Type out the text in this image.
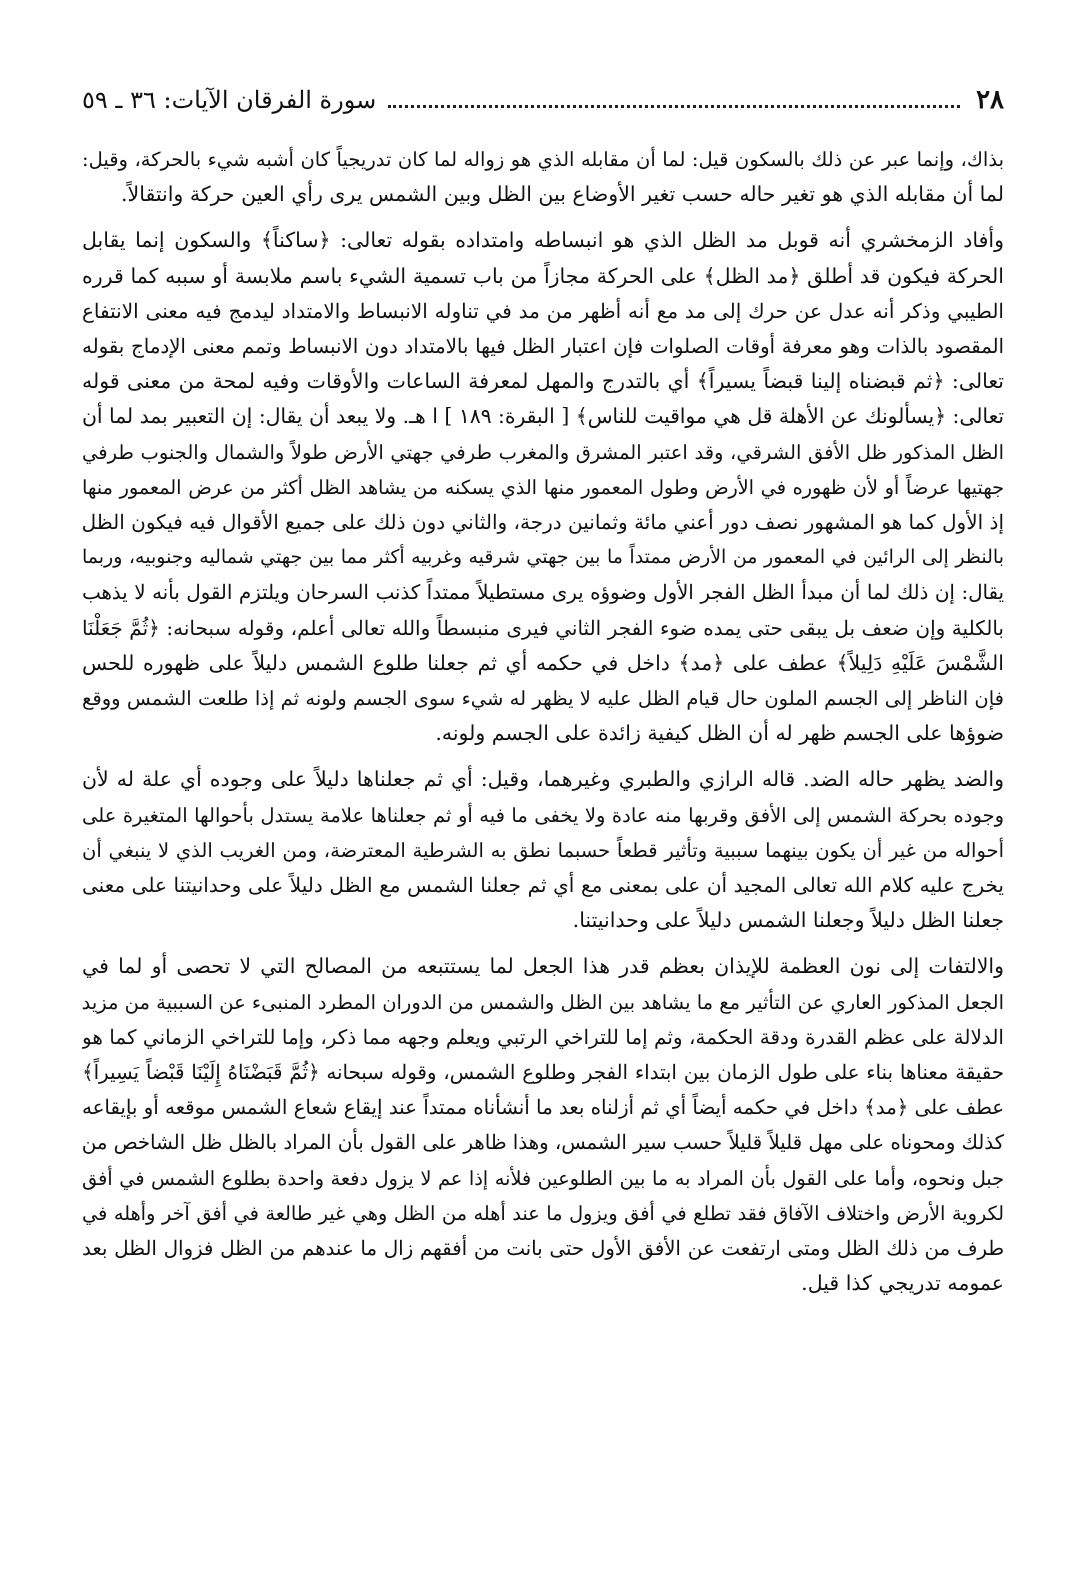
٢٨
سورة الفرقان الآيات: ٣٦ ـ ٥٩
بذاك، وإنما عبر عن ذلك بالسكون قيل: لما أن مقابله الذي هو زواله لما كان تدريجياً كان أشبه شيء بالحركة، وقيل:
لما أن مقابله الذي هو تغير حاله حسب تغير الأوضاع بين الظل وبين الشمس يرى رأي العين حركة وانتقالاً.
وأفاد الزمخشري أنه قوبل مد الظل الذي هو انبساطه وامتداده بقوله تعالى: ﴿ساكناً﴾ والسكون إنما يقابل
الحركة فيكون قد أطلق ﴿مد الظل﴾ على الحركة مجازاً من باب تسمية الشيء باسم ملابسة أو سببه كما قرره
الطيبي وذكر أنه عدل عن حرك إلى مد مع أنه أظهر من مد في تناوله الانبساط والامتداد ليدمج فيه معنى الانتفاع
المقصود بالذات وهو معرفة أوقات الصلوات فإن اعتبار الظل فيها بالامتداد دون الانبساط وتمم معنى الإدماج بقوله
تعالى: ﴿ثم قبضناه إلينا قبضاً يسيراً﴾ أي بالتدرج والمهل لمعرفة الساعات والأوقات وفيه لمحة من معنى قوله
تعالى: ﴿يسألونك عن الأهلة قل هي مواقيت للناس﴾ [ البقرة: ١٨٩ ] ا هـ. ولا يبعد أن يقال: إن التعبير بمد لما أن
الظل المذكور ظل الأفق الشرقي، وقد اعتبر المشرق والمغرب طرفي جهتي الأرض طولاً والشمال والجنوب طرفي
جهتيها عرضاً أو لأن ظهوره في الأرض وطول المعمور منها الذي يسكنه من يشاهد الظل أكثر من عرض المعمور منها
إذ الأول كما هو المشهور نصف دور أعني مائة وثمانين درجة، والثاني دون ذلك على جميع الأقوال فيه فيكون الظل
بالنظر إلى الرائين في المعمور من الأرض ممتداً ما بين جهتي شرقيه وغربيه أكثر مما بين جهتي شماليه وجنوبيه، وربما
يقال: إن ذلك لما أن مبدأ الظل الفجر الأول وضوؤه يرى مستطيلاً ممتداً كذنب السرحان ويلتزم القول بأنه لا يذهب
بالكلية وإن ضعف بل يبقى حتى يمده ضوء الفجر الثاني فيرى منبسطاً والله تعالى أعلم، وقوله سبحانه: ﴿ثُمَّ جَعَلْنَا
الشَّمْسَ عَلَيْهِ دَلِيلاً﴾ عطف على ﴿مد﴾ داخل في حكمه أي ثم جعلنا طلوع الشمس دليلاً على ظهوره للحس
فإن الناظر إلى الجسم الملون حال قيام الظل عليه لا يظهر له شيء سوى الجسم ولونه ثم إذا طلعت الشمس ووقع
ضوؤها على الجسم ظهر له أن الظل كيفية زائدة على الجسم ولونه.
والضد يظهر حاله الضد. قاله الرازي والطبري وغيرهما، وقيل: أي ثم جعلناها دليلاً على وجوده أي علة له لأن
وجوده بحركة الشمس إلى الأفق وقربها منه عادة ولا يخفى ما فيه أو ثم جعلناها علامة يستدل بأحوالها المتغيرة على
أحواله من غير أن يكون بينهما سببية وتأثير قطعاً حسبما نطق به الشرطية المعترضة، ومن الغريب الذي لا ينبغي أن
يخرج عليه كلام الله تعالى المجيد أن على بمعنى مع أي ثم جعلنا الشمس مع الظل دليلاً على وحدانيتنا على معنى
جعلنا الظل دليلاً وجعلنا الشمس دليلاً على وحدانيتنا.
والالتفات إلى نون العظمة للإيذان بعظم قدر هذا الجعل لما يستتبعه من المصالح التي لا تحصى أو لما في
الجعل المذكور العاري عن التأثير مع ما يشاهد بين الظل والشمس من الدوران المطرد المنبىء عن السببية من مزيد
الدلالة على عظم القدرة ودقة الحكمة، وثم إما للتراخي الرتبي ويعلم وجهه مما ذكر، وإما للتراخي الزماني كما هو
حقيقة معناها بناء على طول الزمان بين ابتداء الفجر وطلوع الشمس، وقوله سبحانه ﴿ثُمَّ قَبَضْنَاهُ إِلَيْنَا قَبْضاً يَسِيراً﴾
عطف على ﴿مد﴾ داخل في حكمه أيضاً أي ثم أزلناه بعد ما أنشأناه ممتداً عند إيقاع شعاع الشمس موقعه أو بإيقاعه
كذلك ومحوناه على مهل قليلاً قليلاً حسب سير الشمس، وهذا ظاهر على القول بأن المراد بالظل ظل الشاخص من
جبل ونحوه، وأما على القول بأن المراد به ما بين الطلوعين فلأنه إذا عم لا يزول دفعة واحدة بطلوع الشمس في أفق
لكروية الأرض واختلاف الآفاق فقد تطلع في أفق ويزول ما عند أهله من الظل وهي غير طالعة في أفق آخر وأهله في
طرف من ذلك الظل ومتى ارتفعت عن الأفق الأول حتى بانت من أفقهم زال ما عندهم من الظل فزوال الظل بعد
عمومه تدريجي كذا قيل.
